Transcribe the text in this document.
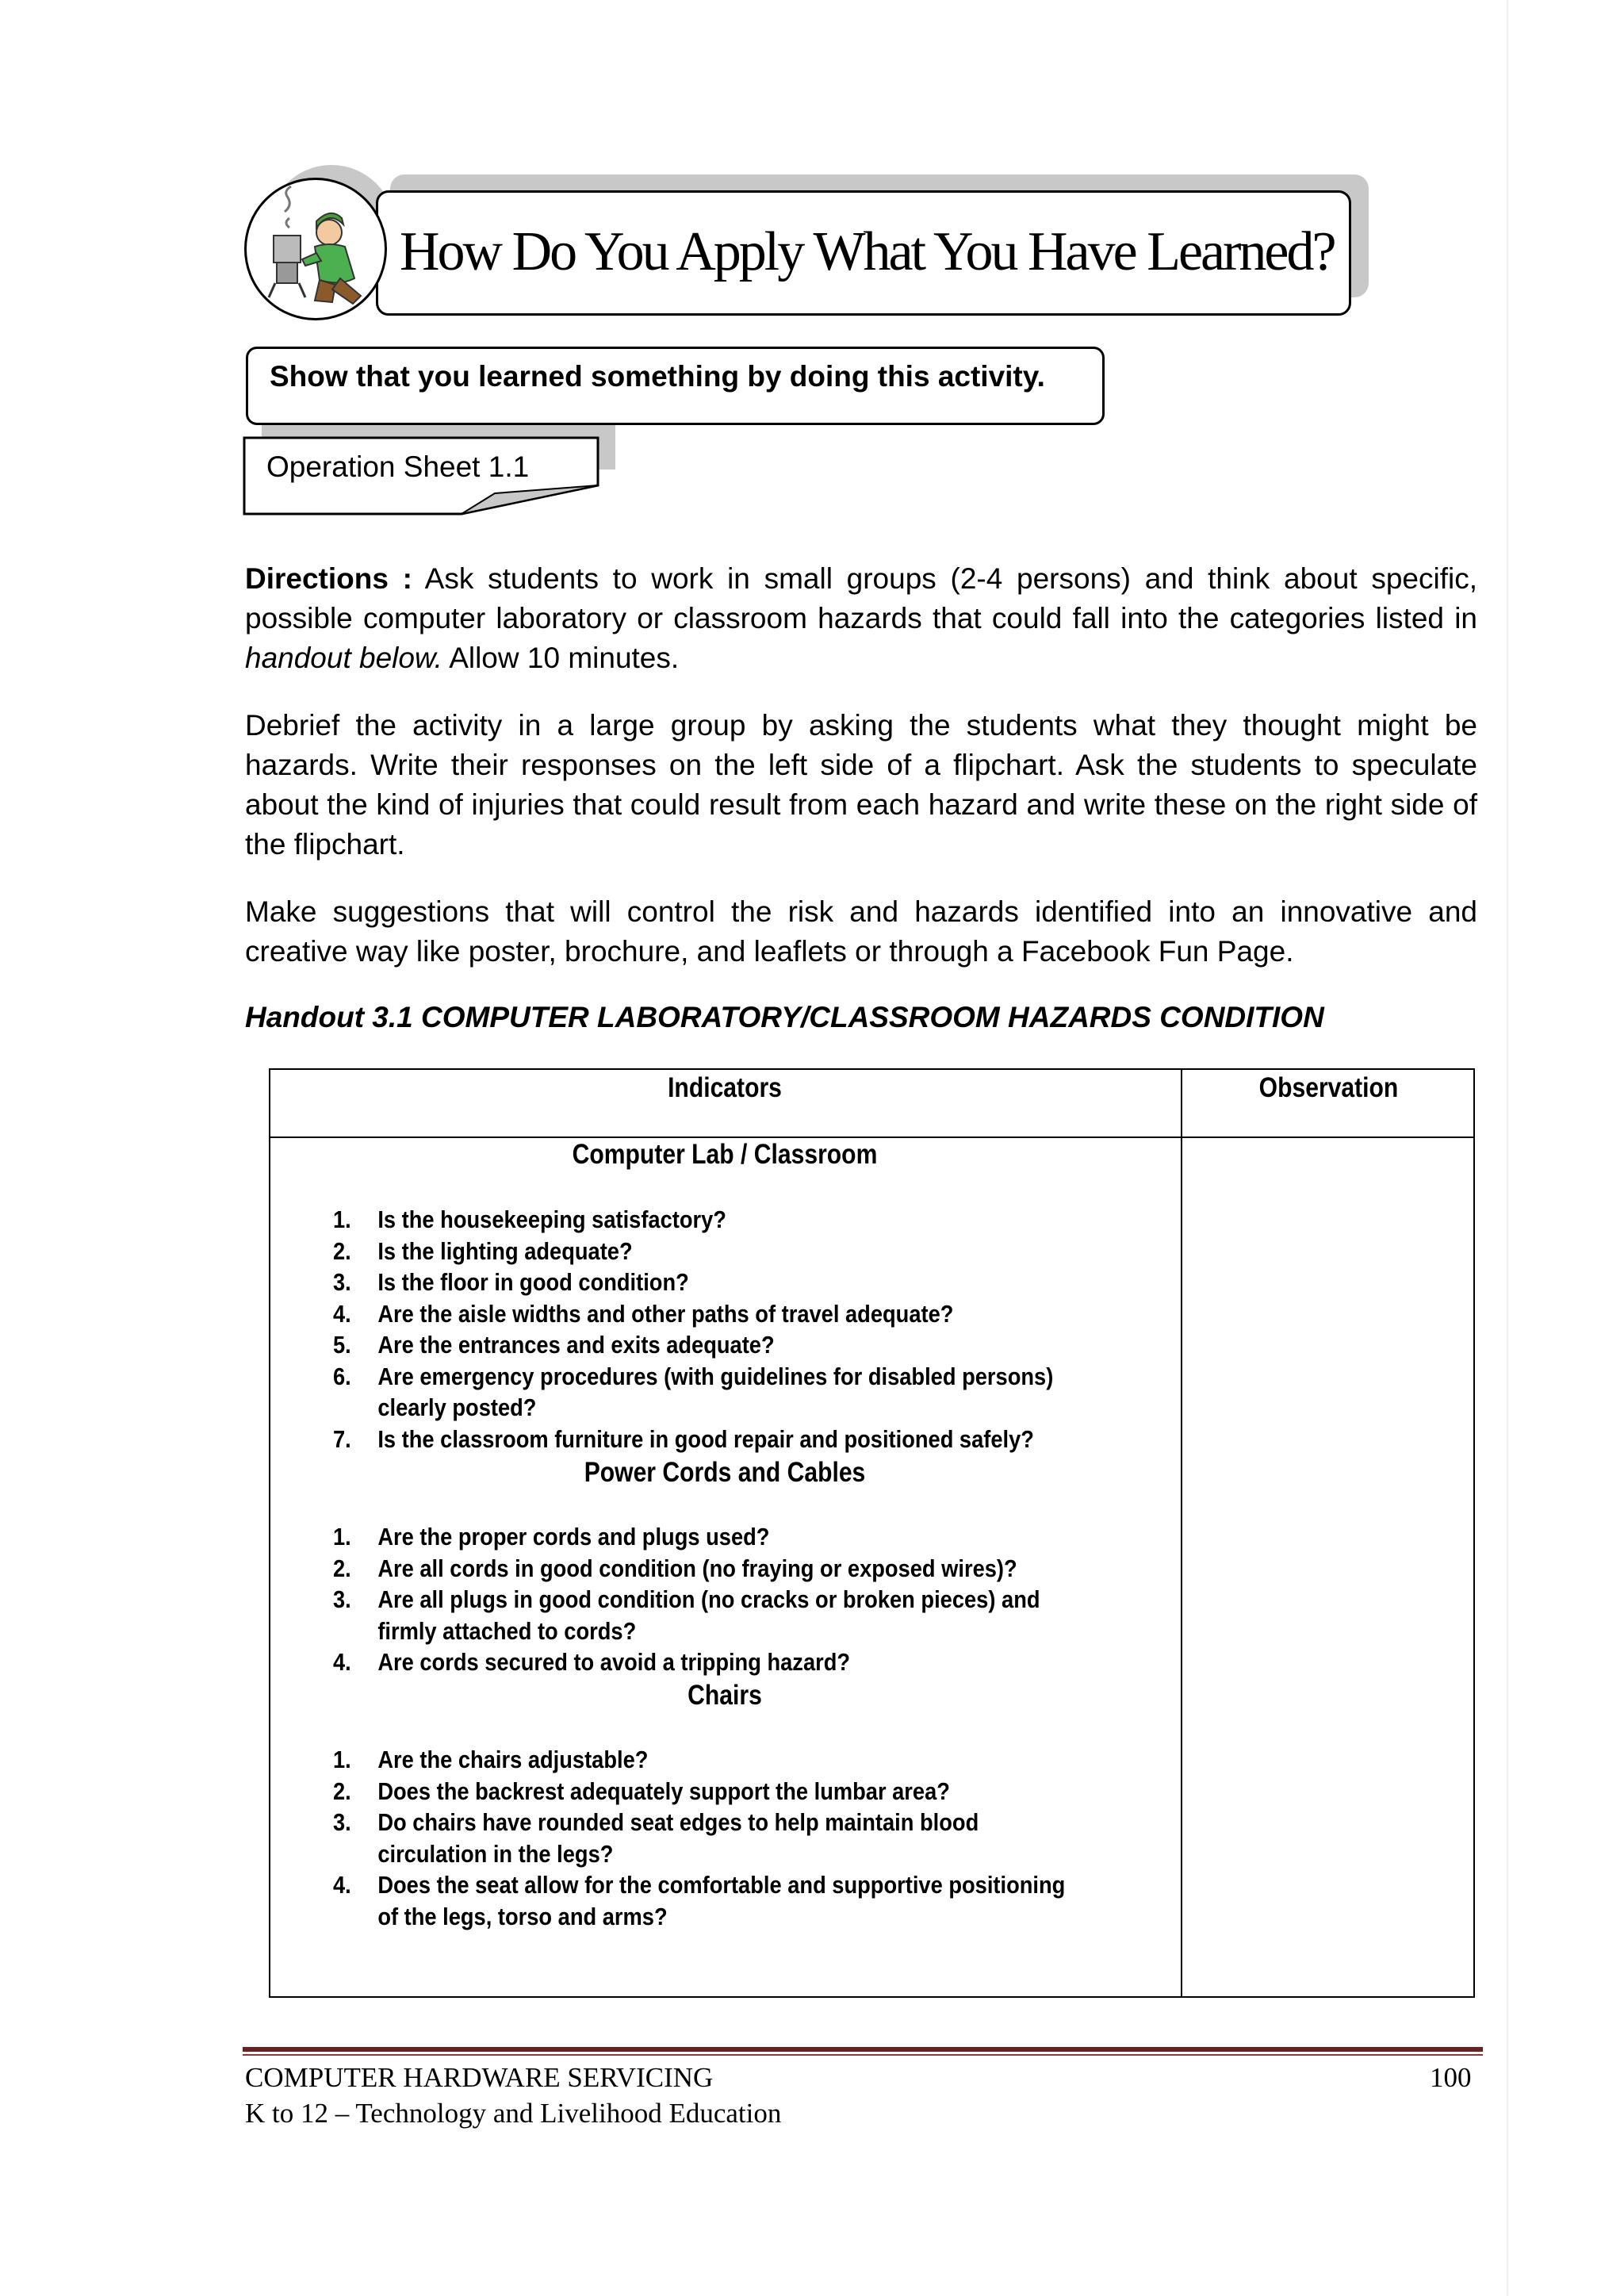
How Do You Apply What You Have Learned?
Show that you learned something by doing this activity.
Operation Sheet 1.1
Directions : Ask students to work in small groups (2-4 persons) and think about specific, possible computer laboratory or classroom hazards that could fall into the categories listed in handout below. Allow 10 minutes.
Debrief the activity in a large group by asking the students what they thought might be hazards. Write their responses on the left side of a flipchart. Ask the students to speculate about the kind of injuries that could result from each hazard and write these on the right side of the flipchart.
Make suggestions that will control the risk and hazards identified into an innovative and creative way like poster, brochure, and leaflets or through a Facebook Fun Page.
Handout 3.1 COMPUTER LABORATORY/CLASSROOM HAZARDS CONDITION
Indicators	Observation
Computer Lab / Classroom
1. Is the housekeeping satisfactory?
2. Is the lighting adequate?
3. Is the floor in good condition?
4. Are the aisle widths and other paths of travel adequate?
5. Are the entrances and exits adequate?
6. Are emergency procedures (with guidelines for disabled persons) clearly posted?
7. Is the classroom furniture in good repair and positioned safely?
Power Cords and Cables
1. Are the proper cords and plugs used?
2. Are all cords in good condition (no fraying or exposed wires)?
3. Are all plugs in good condition (no cracks or broken pieces) and firmly attached to cords?
4. Are cords secured to avoid a tripping hazard?
Chairs
1. Are the chairs adjustable?
2. Does the backrest adequately support the lumbar area?
3. Do chairs have rounded seat edges to help maintain blood circulation in the legs?
4. Does the seat allow for the comfortable and supportive positioning of the legs, torso and arms?
COMPUTER HARDWARE SERVICING	100
K to 12 – Technology and Livelihood Education
